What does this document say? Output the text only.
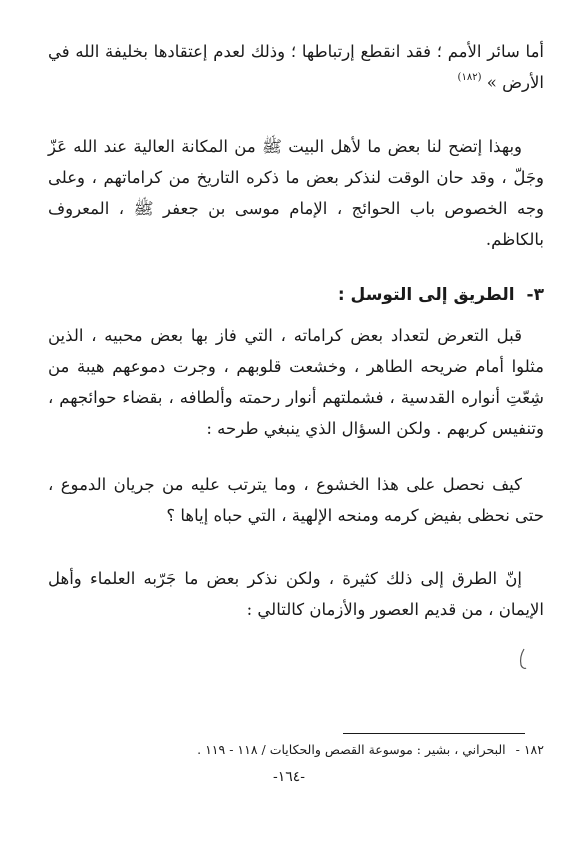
أما سائر الأمم ؛ فقد انقطع إرتباطها ؛ وذلك لعدم إعتقادها بخليفة الله في الأرض » $^{(١٨٢)}$

وبهذا إتضح لنا بعض ما لأهل البيت ﷺ من المكانة العالية عند الله عَزّ وجَلّ ، وقد حان الوقت لنذكر بعض ما ذكره التاريخ من كراماتهم ، وعلى وجه الخصوص باب الحوائج ، الإمام موسى بن جعفر ﷺ ، المعروف بالكاظم.

٣-الطريق إلى التوسل :

قبل التعرض لتعداد بعض كراماته ، التي فاز بها بعض محبيه ، الذين مثلوا أمام ضريحه الطاهر ، وخشعت قلوبهم ، وجرت دموعهم هيبة من شِعّتِ أنواره القدسية ، فشملتهم أنوار رحمته وألطافه ، بقضاء حوائجهم ، وتنفيس كربهم . ولكن السؤال الذي ينبغي طرحه :

كيف نحصل على هذا الخشوع ، وما يترتب عليه من جريان الدموع ، حتى نحظى بفيض كرمه ومنحه الإلهية ، التي حباه إياها ؟

إنّ الطرق إلى ذلك كثيرة ، ولكن نذكر بعض ما جَرّبه العلماء وأهل الإيمان ، من قديم العصور والأزمان كالتالي :

١٨٢ -البحراني ، بشير : موسوعة القصص والحكايات / ١١٨ - ١١٩ .

-١٦٤-
